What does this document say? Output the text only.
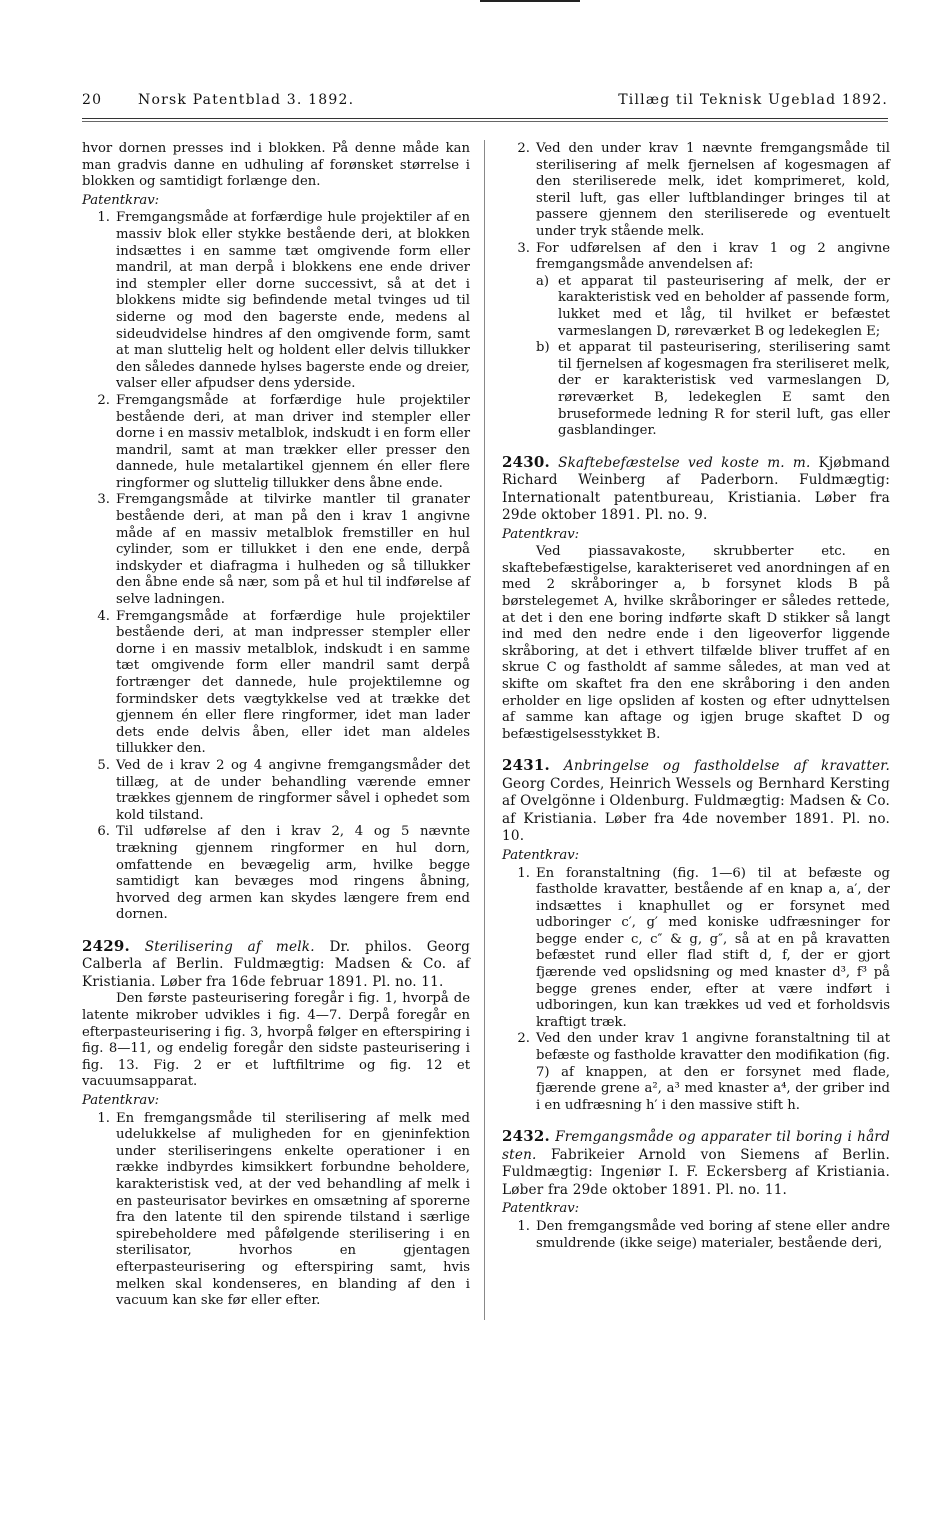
20	Norsk Patentblad 3. 1892.	Tillæg til Teknisk Ugeblad 1892.

hvor dornen presses ind i blokken. På denne måde kan man gradvis danne en udhuling af forønsket størrelse i blokken og samtidigt forlænge den.

Patentkrav:

1. Fremgangsmåde at forfærdige hule projektiler af en massiv blok eller stykke bestående deri, at blokken indsættes i en samme tæt omgivende form eller mandril, at man derpå i blokkens ene ende driver ind stempler eller dorne successivt, så at det i blokkens midte sig befindende metal tvinges ud til siderne og mod den bagerste ende, medens al sideudvidelse hindres af den omgivende form, samt at man sluttelig helt og holdent eller delvis tillukker den således dannede hylses bagerste ende og dreier, valser eller afpudser dens yderside.
2. Fremgangsmåde at forfærdige hule projektiler bestående deri, at man driver ind stempler eller dorne i en massiv metalblok, indskudt i en form eller mandril, samt at man trækker eller presser den dannede, hule metalartikel gjennem én eller flere ringformer og sluttelig tillukker dens åbne ende.
3. Fremgangsmåde at tilvirke mantler til granater bestående deri, at man på den i krav 1 angivne måde af en massiv metalblok fremstiller en hul cylinder, som er tillukket i den ene ende, derpå indskyder et diafragma i hulheden og så tillukker den åbne ende så nær, som på et hul til indførelse af selve ladningen.
4. Fremgangsmåde at forfærdige hule projektiler bestående deri, at man indpresser stempler eller dorne i en massiv metalblok, indskudt i en samme tæt omgivende form eller mandril samt derpå fortrænger det dannede, hule projektilemne og formindsker dets vægtykkelse ved at trække det gjennem én eller flere ringformer, idet man lader dets ende delvis åben, eller idet man aldeles tillukker den.
5. Ved de i krav 2 og 4 angivne fremgangsmåder det tillæg, at de under behandling værende emner trækkes gjennem de ringformer såvel i ophedet som kold tilstand.
6. Til udførelse af den i krav 2, 4 og 5 nævnte trækning gjennem ringformer en hul dorn, omfattende en bevægelig arm, hvilke begge samtidigt kan bevæges mod ringens åbning, hvorved deg armen kan skydes længere frem end dornen.
2429. Sterilisering af melk. Dr. philos. Georg Calberla af Berlin. Fuldmægtig: Madsen & Co. af Kristiania. Løber fra 16de februar 1891. Pl. no. 11.

Den første pasteurisering foregår i fig. 1, hvorpå de latente mikrober udvikles i fig. 4—7. Derpå foregår en efterpasteurisering i fig. 3, hvorpå følger en efterspiring i fig. 8—11, og endelig foregår den sidste pasteurisering i fig. 13. Fig. 2 er et luftfiltrime og fig. 12 et vacuumsapparat.

Patentkrav:

1. En fremgangsmåde til sterilisering af melk med udelukkelse af muligheden for en gjeninfektion under steriliseringens enkelte operationer i en række indbyrdes kimsikkert forbundne beholdere, karakteristisk ved, at der ved behandling af melk i en pasteurisator bevirkes en omsætning af sporerne fra den latente til den spirende tilstand i særlige spirebeholdere med påfølgende sterilisering i en sterilisator, hvorhos en gjentagen efterpasteurisering og efterspiring samt, hvis melken skal kondenseres, en blanding af den i vacuum kan ske før eller efter.
2. Ved den under krav 1 nævnte fremgangsmåde til sterilisering af melk fjernelsen af kogesmagen af den steriliserede melk, idet komprimeret, kold, steril luft, gas eller luftblandinger bringes til at passere gjennem den steriliserede og eventuelt under tryk stående melk.
3. For udførelsen af den i krav 1 og 2 angivne fremgangsmåde anvendelsen af:
a) et apparat til pasteurisering af melk, der er karakteristisk ved en beholder af passende form, lukket med et låg, til hvilket er befæstet varmeslangen D, røreværket B og ledekeglen E;
b) et apparat til pasteurisering, sterilisering samt til fjernelsen af kogesmagen fra steriliseret melk, der er karakteristisk ved varmeslangen D, røreværket B, ledekeglen E samt den bruseformede ledning R for steril luft, gas eller gasblandinger.
2430. Skaftebefæstelse ved koste m. m. Kjøbmand Richard Weinberg af Paderborn. Fuldmægtig: Internationalt patentbureau, Kristiania. Løber fra 29de oktober 1891. Pl. no. 9.

Patentkrav:

Ved piassavakoste, skrubberter etc. en skaftebefæstigelse, karakteriseret ved anordningen af en med 2 skråboringer a, b forsynet klods B på børstelegemet A, hvilke skråboringer er således rettede, at det i den ene boring indførte skaft D stikker så langt ind med den nedre ende i den ligeoverfor liggende skråboring, at det i ethvert tilfælde bliver truffet af en skrue C og fastholdt af samme således, at man ved at skifte om skaftet fra den ene skråboring i den anden erholder en lige opsliden af kosten og efter udnyttelsen af samme kan aftage og igjen bruge skaftet D og befæstigelsesstykket B.

2431. Anbringelse og fastholdelse af kravatter. Georg Cordes, Heinrich Wessels og Bernhard Kersting af Ovelgönne i Oldenburg. Fuldmægtig: Madsen & Co. af Kristiania. Løber fra 4de november 1891. Pl. no. 10.

Patentkrav:

1. En foranstaltning (fig. 1—6) til at befæste og fastholde kravatter, bestående af en knap a, a′, der indsættes i knaphullet og er forsynet med udboringer c′, g′ med koniske udfræsninger for begge ender c, c″ & g, g″, så at en på kravatten befæstet rund eller flad stift d, f, der er gjort fjærende ved opslidsning og med knaster d³, f³ på begge grenes ender, efter at være indført i udboringen, kun kan trækkes ud ved et forholdsvis kraftigt træk.
2. Ved den under krav 1 angivne foranstaltning til at befæste og fastholde kravatter den modifikation (fig. 7) af knappen, at den er forsynet med flade, fjærende grene a², a³ med knaster a⁴, der griber ind i en udfræsning h′ i den massive stift h.
2432. Fremgangsmåde og apparater til boring i hård sten. Fabrikeier Arnold von Siemens af Berlin. Fuldmægtig: Ingeniør I. F. Eckersberg af Kristiania. Løber fra 29de oktober 1891. Pl. no. 11.

Patentkrav:

1. Den fremgangsmåde ved boring af stene eller andre smuldrende (ikke seige) materialer, bestående deri,
